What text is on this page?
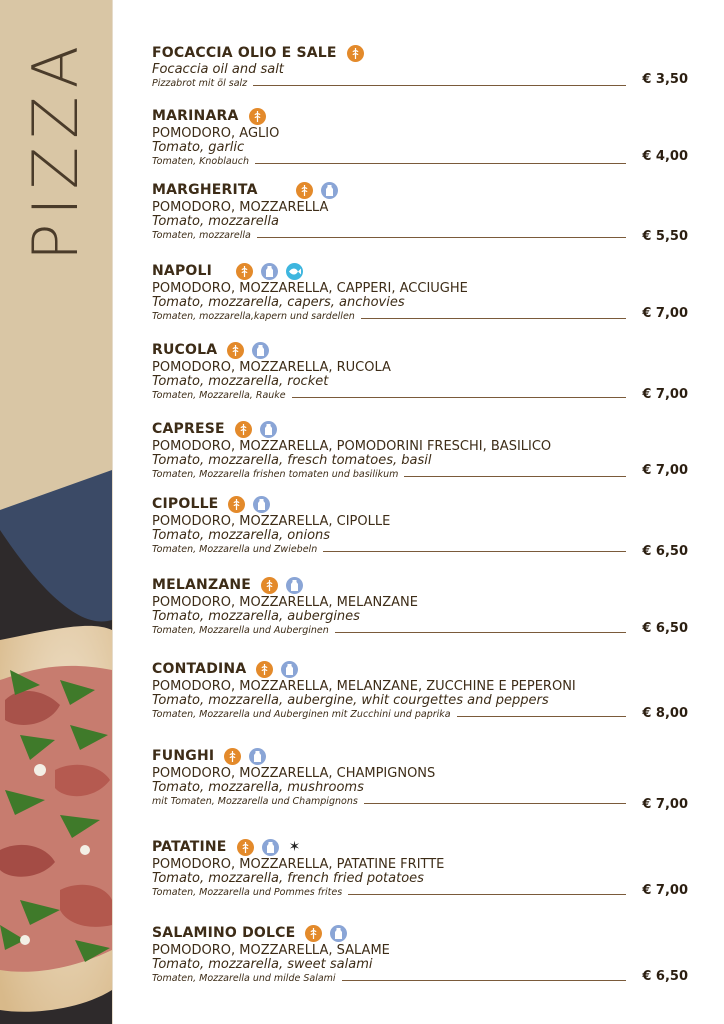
PIZZA	FOCACCIA OLIO E SALE
Focaccia oil and salt
Pizzabrot mit öl salz	€ 3,50
MARINARA
POMODORO, AGLIO
Tomato, garlic
Tomaten, Knoblauch	€ 4,00
MARGHERITA
POMODORO, MOZZARELLA
Tomato, mozzarella
Tomaten, mozzarella	€ 5,50
NAPOLI
POMODORO, MOZZARELLA, CAPPERI, ACCIUGHE
Tomato, mozzarella, capers, anchovies
Tomaten, mozzarella,kapern und sardellen	€ 7,00
RUCOLA
POMODORO, MOZZARELLA, RUCOLA
Tomato, mozzarella, rocket
Tomaten, Mozzarella, Rauke	€ 7,00
CAPRESE
POMODORO, MOZZARELLA, POMODORINI FRESCHI, BASILICO
Tomato, mozzarella, fresch tomatoes, basil
Tomaten, Mozzarella frishen tomaten und basilikum	€ 7,00
CIPOLLE
POMODORO, MOZZARELLA, CIPOLLE
Tomato, mozzarella, onions
Tomaten, Mozzarella und Zwiebeln	€ 6,50
MELANZANE
POMODORO, MOZZARELLA, MELANZANE
Tomato, mozzarella, aubergines
Tomaten, Mozzarella und Auberginen	€ 6,50
CONTADINA
POMODORO, MOZZARELLA, MELANZANE, ZUCCHINE E PEPERONI
Tomato, mozzarella, aubergine, whit courgettes and peppers
Tomaten, Mozzarella und Auberginen mit Zucchini und paprika	€ 8,00
FUNGHI
POMODORO, MOZZARELLA, CHAMPIGNONS
Tomato, mozzarella, mushrooms
mit Tomaten, Mozzarella und Champignons	€ 7,00
PATATINE	✶
POMODORO, MOZZARELLA, PATATINE FRITTE
Tomato, mozzarella, french fried potatoes
Tomaten, Mozzarella und Pommes frites	€ 7,00
SALAMINO DOLCE
POMODORO, MOZZARELLA, SALAME
Tomato, mozzarella, sweet salami
Tomaten, Mozzarella und milde Salami	€ 6,50
